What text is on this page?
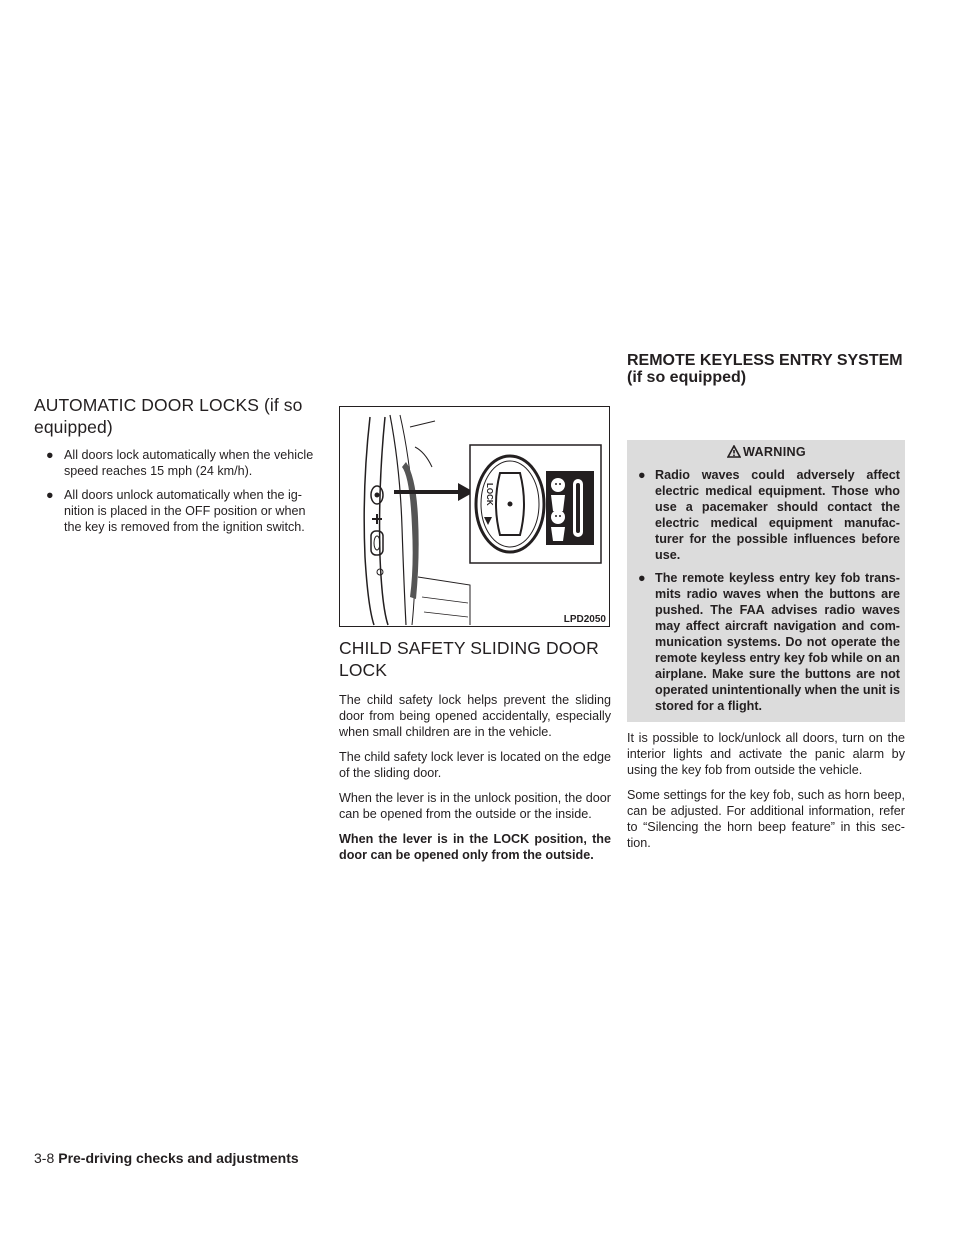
AUTOMATIC DOOR LOCKS (if so equipped)
● All doors lock automatically when the vehicle speed reaches 15 mph (24 km/h).
● All doors unlock automatically when the ig-nition is placed in the OFF position or when the key is removed from the ignition switch.
LOCK
LPD2050
CHILD SAFETY SLIDING DOOR LOCK

The child safety lock helps prevent the sliding door from being opened accidentally, especially when small children are in the vehicle.

The child safety lock lever is located on the edge of the sliding door.

When the lever is in the unlock position, the door can be opened from the outside or the inside.

When the lever is in the LOCK position, the door can be opened only from the outside.

REMOTE KEYLESS ENTRY SYSTEM
(if so equipped)
WARNING
● Radio waves could adversely affect electric medical equipment. Those who use a pacemaker should contact the electric medical equipment manufac-turer for the possible influences before use.
● The remote keyless entry key fob trans-mits radio waves when the buttons are pushed. The FAA advises radio waves may affect aircraft navigation and com-munication systems. Do not operate the remote keyless entry key fob while on an airplane. Make sure the buttons are not operated unintentionally when the unit is stored for a flight.

It is possible to lock/unlock all doors, turn on the interior lights and activate the panic alarm by using the key fob from outside the vehicle.

Some settings for the key fob, such as horn beep, can be adjusted. For additional information, refer to “Silencing the horn beep feature” in this sec-tion.

3-8 Pre-driving checks and adjustments
